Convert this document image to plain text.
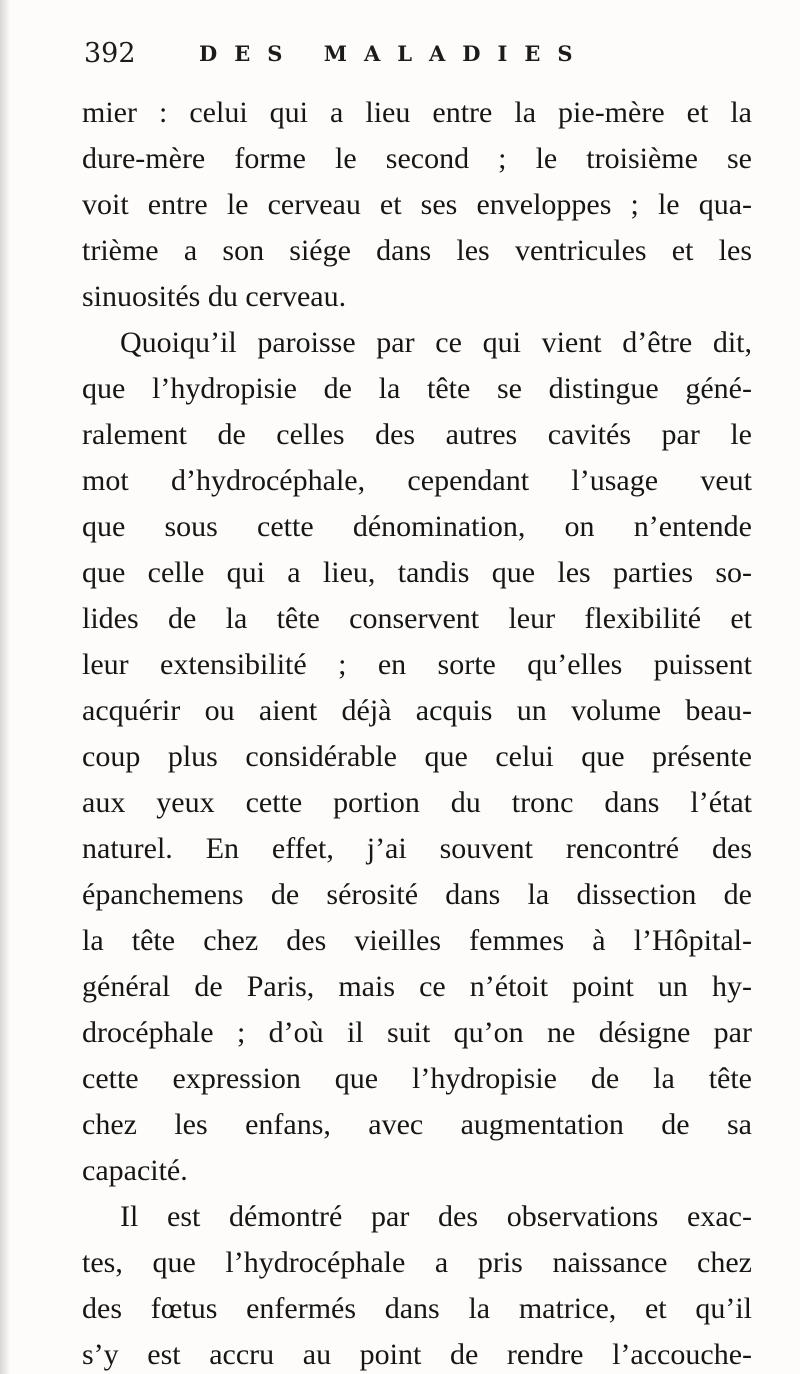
392	DES MALADIES
mier : celui qui a lieu entre la pie-mère et la
dure-mère forme le second ; le troisième se
voit entre le cerveau et ses enveloppes ; le qua-
trième a son siége dans les ventricules et les
sinuosités du cerveau.
Quoiqu’il paroisse par ce qui vient d’être dit,
que l’hydropisie de la tête se distingue géné-
ralement de celles des autres cavités par le
mot d’hydrocéphale, cependant l’usage veut
que sous cette dénomination, on n’entende
que celle qui a lieu, tandis que les parties so-
lides de la tête conservent leur flexibilité et
leur extensibilité ; en sorte qu’elles puissent
acquérir ou aient déjà acquis un volume beau-
coup plus considérable que celui que présente
aux yeux cette portion du tronc dans l’état
naturel. En effet, j’ai souvent rencontré des
épanchemens de sérosité dans la dissection de
la tête chez des vieilles femmes à l’Hôpital-
général de Paris, mais ce n’étoit point un hy-
drocéphale ; d’où il suit qu’on ne désigne par
cette expression que l’hydropisie de la tête
chez les enfans, avec augmentation de sa
capacité.
Il est démontré par des observations exac-
tes, que l’hydrocéphale a pris naissance chez
des fœtus enfermés dans la matrice, et qu’il
s’y est accru au point de rendre l’accouche-
